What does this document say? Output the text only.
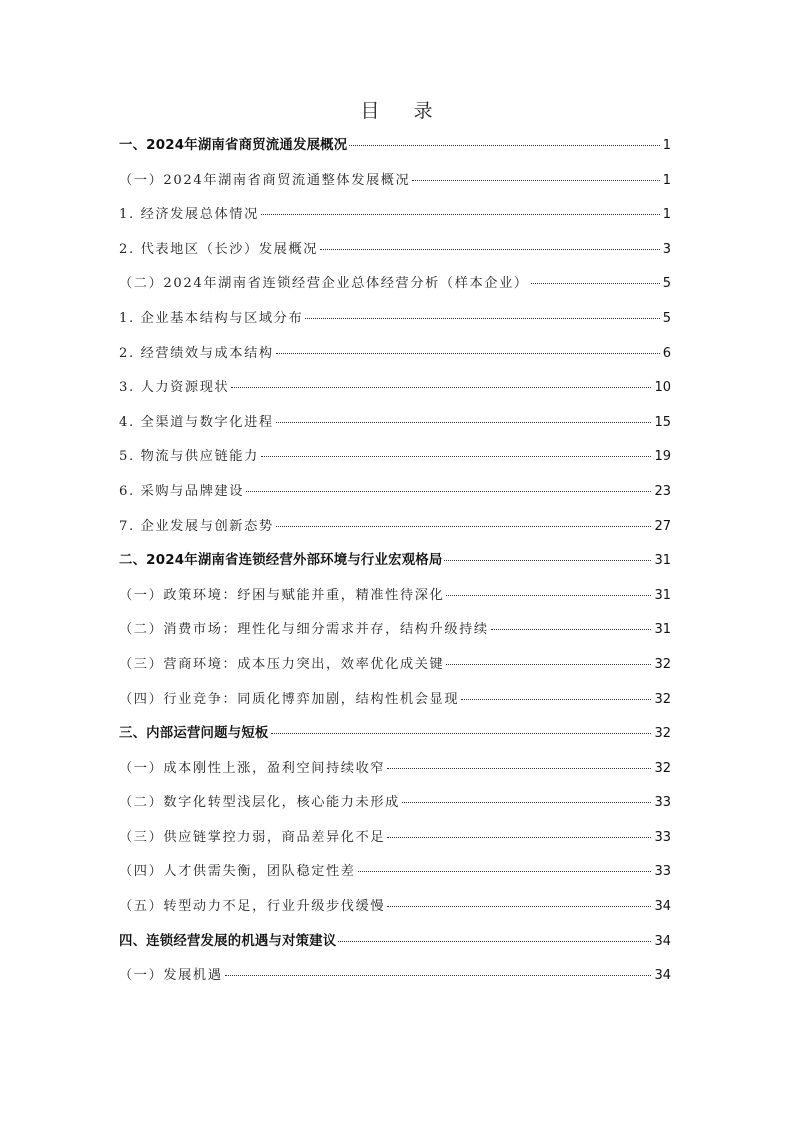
目 录
一、2024年湖南省商贸流通发展概况	1
（一）2024年湖南省商贸流通整体发展概况	1
1. 经济发展总体情况	1
2. 代表地区（长沙）发展概况	3
（二）2024年湖南省连锁经营企业总体经营分析（样本企业）	5
1. 企业基本结构与区域分布	5
2. 经营绩效与成本结构	6
3. 人力资源现状	10
4. 全渠道与数字化进程	15
5. 物流与供应链能力	19
6. 采购与品牌建设	23
7. 企业发展与创新态势	27
二、2024年湖南省连锁经营外部环境与行业宏观格局	31
（一）政策环境：纾困与赋能并重，精准性待深化	31
（二）消费市场：理性化与细分需求并存，结构升级持续	31
（三）营商环境：成本压力突出，效率优化成关键	32
（四）行业竞争：同质化博弈加剧，结构性机会显现	32
三、内部运营问题与短板	32
（一）成本刚性上涨，盈利空间持续收窄	32
（二）数字化转型浅层化，核心能力未形成	33
（三）供应链掌控力弱，商品差异化不足	33
（四）人才供需失衡，团队稳定性差	33
（五）转型动力不足，行业升级步伐缓慢	34
四、连锁经营发展的机遇与对策建议	34
（一）发展机遇	34
